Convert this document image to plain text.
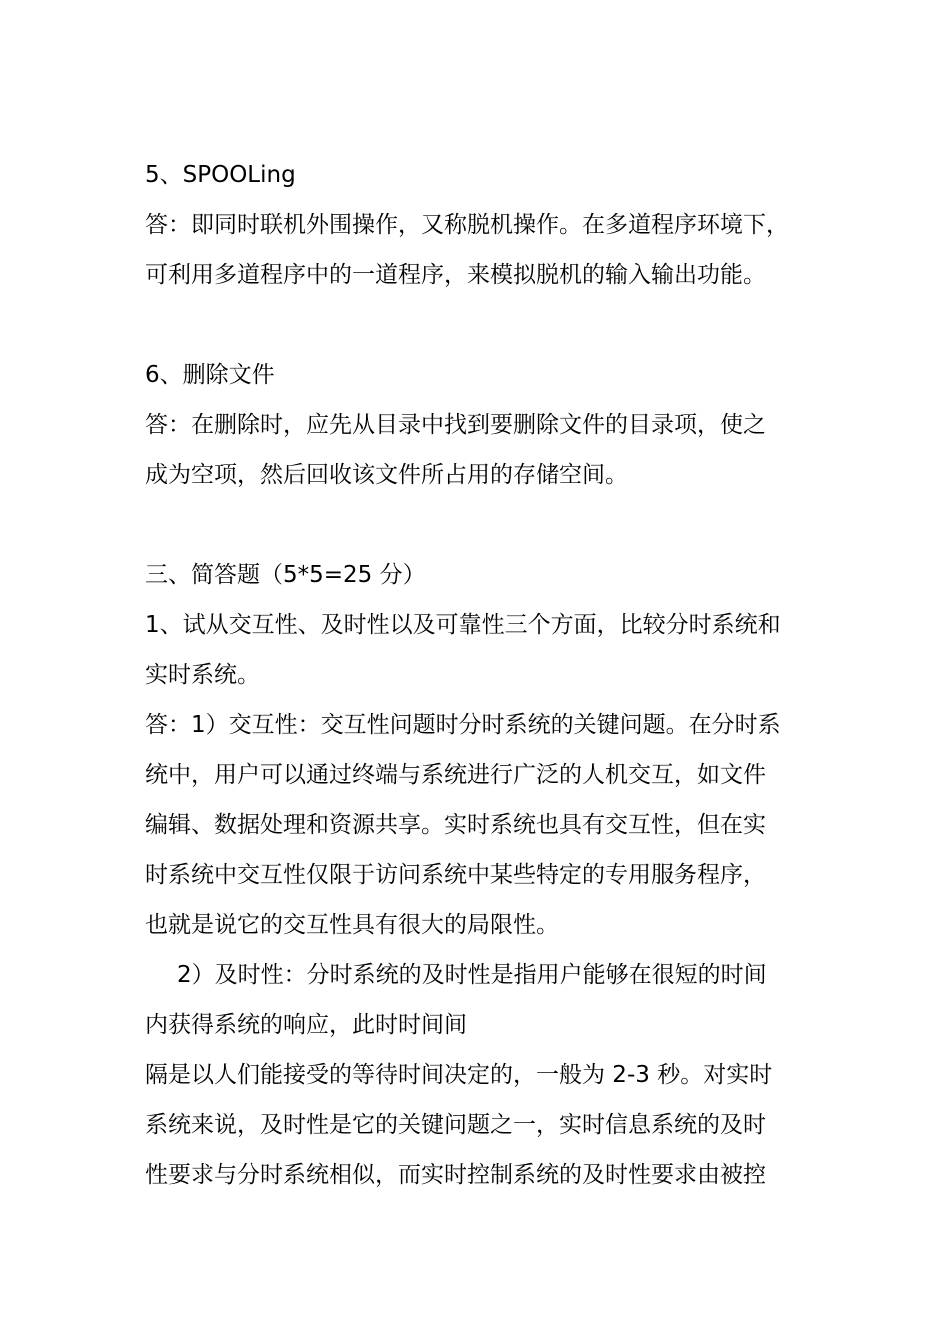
5、SPOOLing
答：即同时联机外围操作，又称脱机操作。在多道程序环境下，
可利用多道程序中的一道程序，来模拟脱机的输入输出功能。
6、删除文件
答：在删除时，应先从目录中找到要删除文件的目录项，使之
成为空项，然后回收该文件所占用的存储空间。
三、简答题（5*5=25 分）
1、试从交互性、及时性以及可靠性三个方面，比较分时系统和
实时系统。
答：1）交互性：交互性问题时分时系统的关键问题。在分时系
统中，用户可以通过终端与系统进行广泛的人机交互，如文件
编辑、数据处理和资源共享。实时系统也具有交互性，但在实
时系统中交互性仅限于访问系统中某些特定的专用服务程序，
也就是说它的交互性具有很大的局限性。
2）及时性：分时系统的及时性是指用户能够在很短的时间
内获得系统的响应，此时时间间
隔是以人们能接受的等待时间决定的，一般为 2-3 秒。对实时
系统来说，及时性是它的关键问题之一，实时信息系统的及时
性要求与分时系统相似，而实时控制系统的及时性要求由被控
